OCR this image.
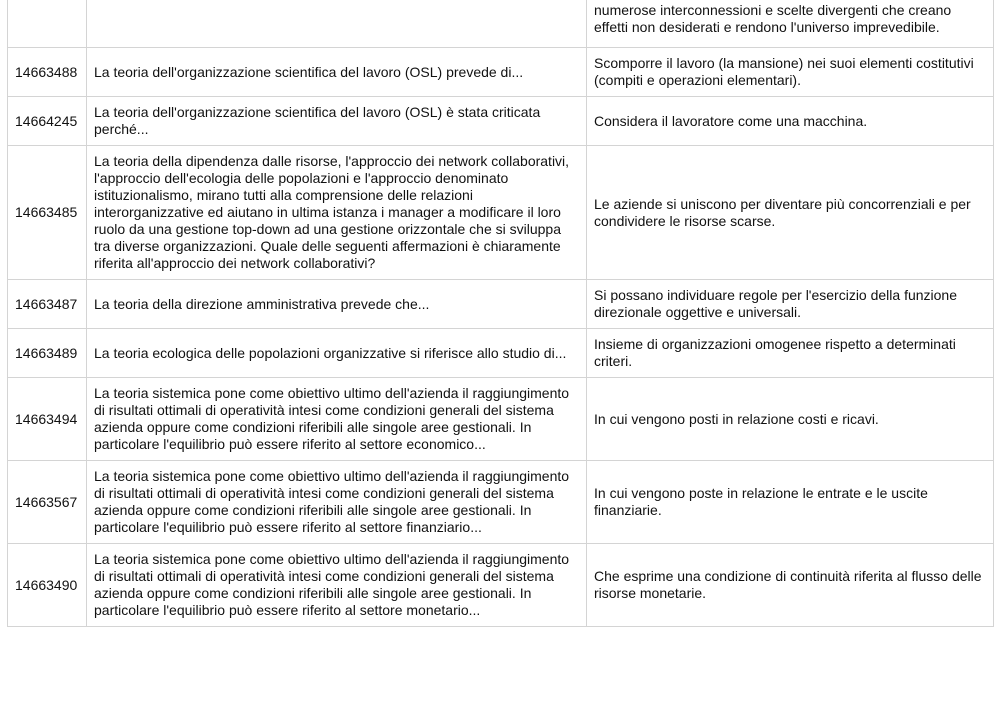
		numerose interconnessioni e scelte divergenti che creano effetti non desiderati e rendono l'universo imprevedibile.
14663488	La teoria dell'organizzazione scientifica del lavoro (OSL) prevede di...	Scomporre il lavoro (la mansione) nei suoi elementi costitutivi (compiti e operazioni elementari).
14664245	La teoria dell'organizzazione scientifica del lavoro (OSL) è stata criticata perché...	Considera il lavoratore come una macchina.
14663485	La teoria della dipendenza dalle risorse, l'approccio dei network collaborativi, l'approccio dell'ecologia delle popolazioni e l'approccio denominato istituzionalismo, mirano tutti alla comprensione delle relazioni interorganizzative ed aiutano in ultima istanza i manager a modificare il loro ruolo da una gestione top-down ad una gestione orizzontale che si sviluppa tra diverse organizzazioni. Quale delle seguenti affermazioni è chiaramente riferita all'approccio dei network collaborativi?	Le aziende si uniscono per diventare più concorrenziali e per condividere le risorse scarse.
14663487	La teoria della direzione amministrativa prevede che...	Si possano individuare regole per l'esercizio della funzione direzionale oggettive e universali.
14663489	La teoria ecologica delle popolazioni organizzative si riferisce allo studio di...	Insieme di organizzazioni omogenee rispetto a determinati criteri.
14663494	La teoria sistemica pone come obiettivo ultimo dell'azienda il raggiungimento di risultati ottimali di operatività intesi come condizioni generali del sistema azienda oppure come condizioni riferibili alle singole aree gestionali. In particolare l'equilibrio può essere riferito al settore economico...	In cui vengono posti in relazione costi e ricavi.
14663567	La teoria sistemica pone come obiettivo ultimo dell'azienda il raggiungimento di risultati ottimali di operatività intesi come condizioni generali del sistema azienda oppure come condizioni riferibili alle singole aree gestionali. In particolare l'equilibrio può essere riferito al settore finanziario...	In cui vengono poste in relazione le entrate e le uscite finanziarie.
14663490	La teoria sistemica pone come obiettivo ultimo dell'azienda il raggiungimento di risultati ottimali di operatività intesi come condizioni generali del sistema azienda oppure come condizioni riferibili alle singole aree gestionali. In particolare l'equilibrio può essere riferito al settore monetario...	Che esprime una condizione di continuità riferita al flusso delle risorse monetarie.
